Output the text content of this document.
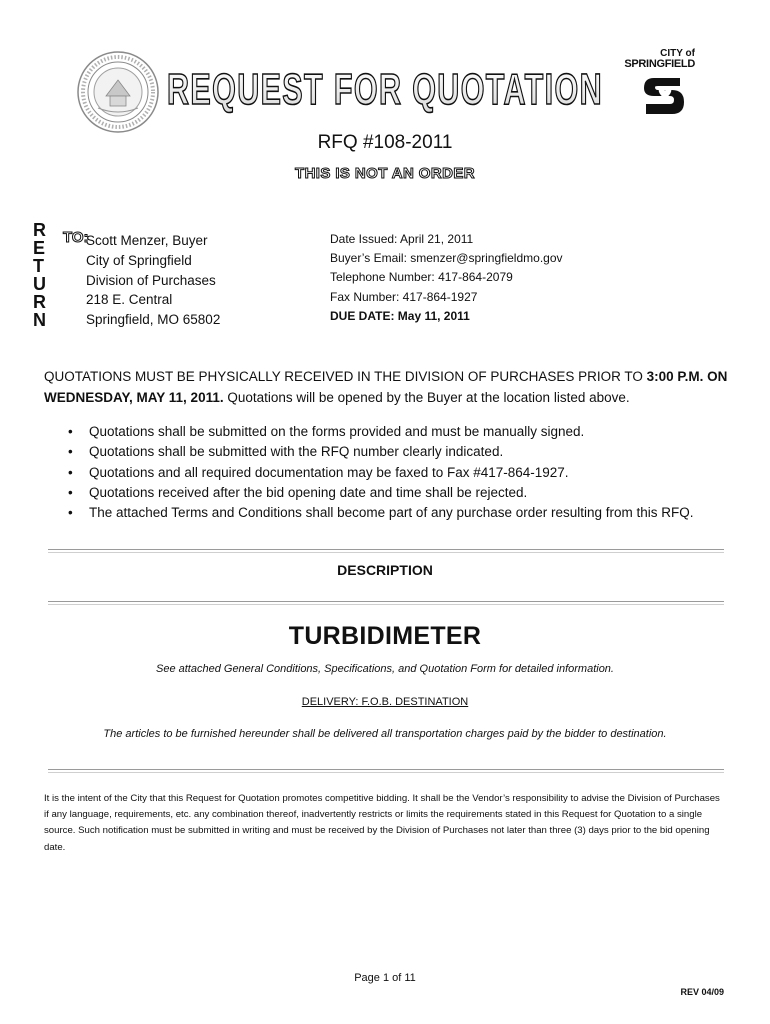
REQUEST FOR QUOTATION
CITY of
SPRINGFIELD
RFQ #108-2011
THIS IS NOT AN ORDER
R
E
T
U
R
N
TO:
Scott Menzer, Buyer
City of Springfield
Division of Purchases
218 E. Central
Springfield, MO 65802
Date Issued: April 21, 2011
Buyer’s Email: smenzer@springfieldmo.gov
Telephone Number: 417-864-2079
Fax Number: 417-864-1927
DUE DATE: May 11, 2011
QUOTATIONS MUST BE PHYSICALLY RECEIVED IN THE DIVISION OF PURCHASES PRIOR TO 3:00 P.M. ON WEDNESDAY, MAY 11, 2011. Quotations will be opened by the Buyer at the location listed above.
• Quotations shall be submitted on the forms provided and must be manually signed.
• Quotations shall be submitted with the RFQ number clearly indicated.
• Quotations and all required documentation may be faxed to Fax #417-864-1927.
• Quotations received after the bid opening date and time shall be rejected.
• The attached Terms and Conditions shall become part of any purchase order resulting from this RFQ.
DESCRIPTION
TURBIDIMETER
See attached General Conditions, Specifications, and Quotation Form for detailed information.
DELIVERY: F.O.B. DESTINATION
The articles to be furnished hereunder shall be delivered all transportation charges paid by the bidder to destination.
It is the intent of the City that this Request for Quotation promotes competitive bidding. It shall be the Vendor’s responsibility to advise the Division of Purchases if any language, requirements, etc. any combination thereof, inadvertently restricts or limits the requirements stated in this Request for Quotation to a single source. Such notification must be submitted in writing and must be received by the Division of Purchases not later than three (3) days prior to the bid opening date.
Page 1 of 11
REV 04/09
